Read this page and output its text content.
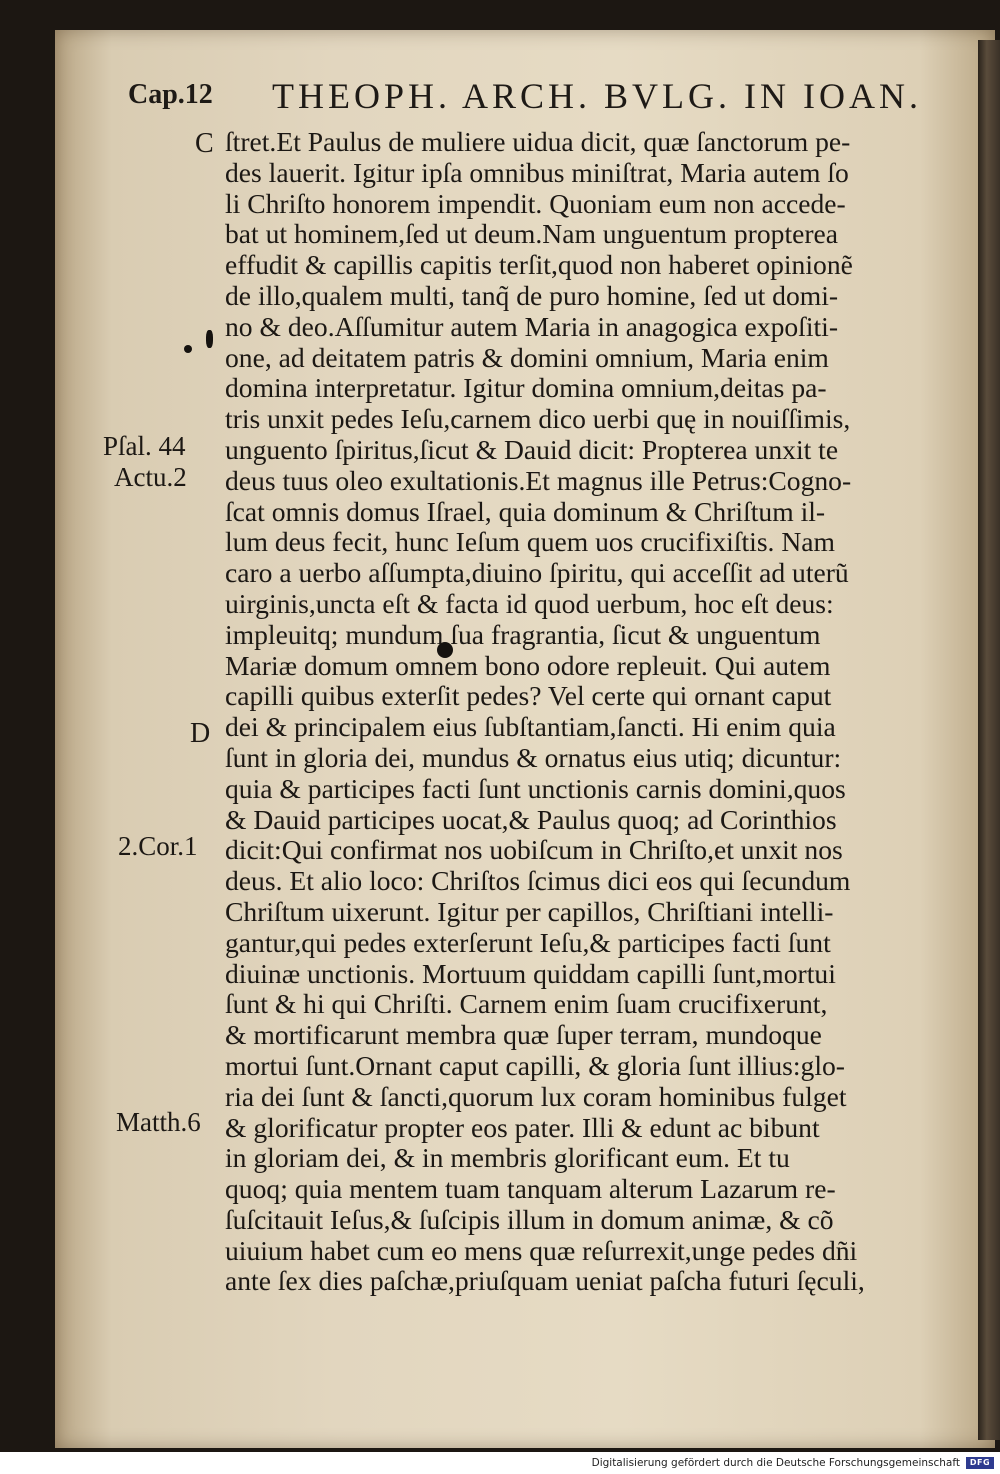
Cap.12 THEOPH. ARCH. BVLG. IN IOAN.
C
D
Pſal. 44
Actu.2
2.Cor.1
Matth.6
ſtret.Et Paulus de muliere uidua dicit, quæ ſanctorum pe-
des lauerit. Igitur ipſa omnibus miniſtrat, Maria autem ſo
li Chriſto honorem impendit. Quoniam eum non accede-
bat ut hominem,ſed ut deum.Nam unguentum propterea
effudit & capillis capitis terſit,quod non haberet opinionẽ
de illo,qualem multi, tanq̃ de puro homine, ſed ut domi-
no & deo.Aſſumitur autem Maria in anagogica expoſiti-
one, ad deitatem patris & domini omnium, Maria enim
domina interpretatur. Igitur domina omnium,deitas pa-
tris unxit pedes Ieſu,carnem dico uerbi quę in nouiſſimis,
unguento ſpiritus,ſicut & Dauid dicit: Propterea unxit te
deus tuus oleo exultationis.Et magnus ille Petrus:Cogno-
ſcat omnis domus Iſrael, quia dominum & Chriſtum il-
lum deus fecit, hunc Ieſum quem uos crucifixiſtis. Nam
caro a uerbo aſſumpta,diuino ſpiritu, qui acceſſit ad uterũ
uirginis,uncta eſt & facta id quod uerbum, hoc eſt deus:
impleuitq; mundum ſua fragrantia, ſicut & unguentum
Mariæ domum omnem bono odore repleuit. Qui autem
capilli quibus exterſit pedes? Vel certe qui ornant caput
dei & principalem eius ſubſtantiam,ſancti. Hi enim quia
ſunt in gloria dei, mundus & ornatus eius utiq; dicuntur:
quia & participes facti ſunt unctionis carnis domini,quos
& Dauid participes uocat,& Paulus quoq; ad Corinthios
dicit:Qui confirmat nos uobiſcum in Chriſto,et unxit nos
deus. Et alio loco: Chriſtos ſcimus dici eos qui ſecundum
Chriſtum uixerunt. Igitur per capillos, Chriſtiani intelli-
gantur,qui pedes exterſerunt Ieſu,& participes facti ſunt
diuinæ unctionis. Mortuum quiddam capilli ſunt,mortui
ſunt & hi qui Chriſti. Carnem enim ſuam crucifixerunt,
& mortificarunt membra quæ ſuper terram, mundoque
mortui ſunt.Ornant caput capilli, & gloria ſunt illius:glo-
ria dei ſunt & ſancti,quorum lux coram hominibus fulget
& glorificatur propter eos pater. Illi & edunt ac bibunt
in gloriam dei, & in membris glorificant eum. Et tu
quoq; quia mentem tuam tanquam alterum Lazarum re-
ſuſcitauit Ieſus,& ſuſcipis illum in domum animæ, & cõ
uiuium habet cum eo mens quæ reſurrexit,unge pedes dñi
ante ſex dies paſchæ,priuſquam ueniat paſcha futuri ſęculi,
Digitalisierung gefördert durch die Deutsche Forschungsgemeinschaft	DFG
